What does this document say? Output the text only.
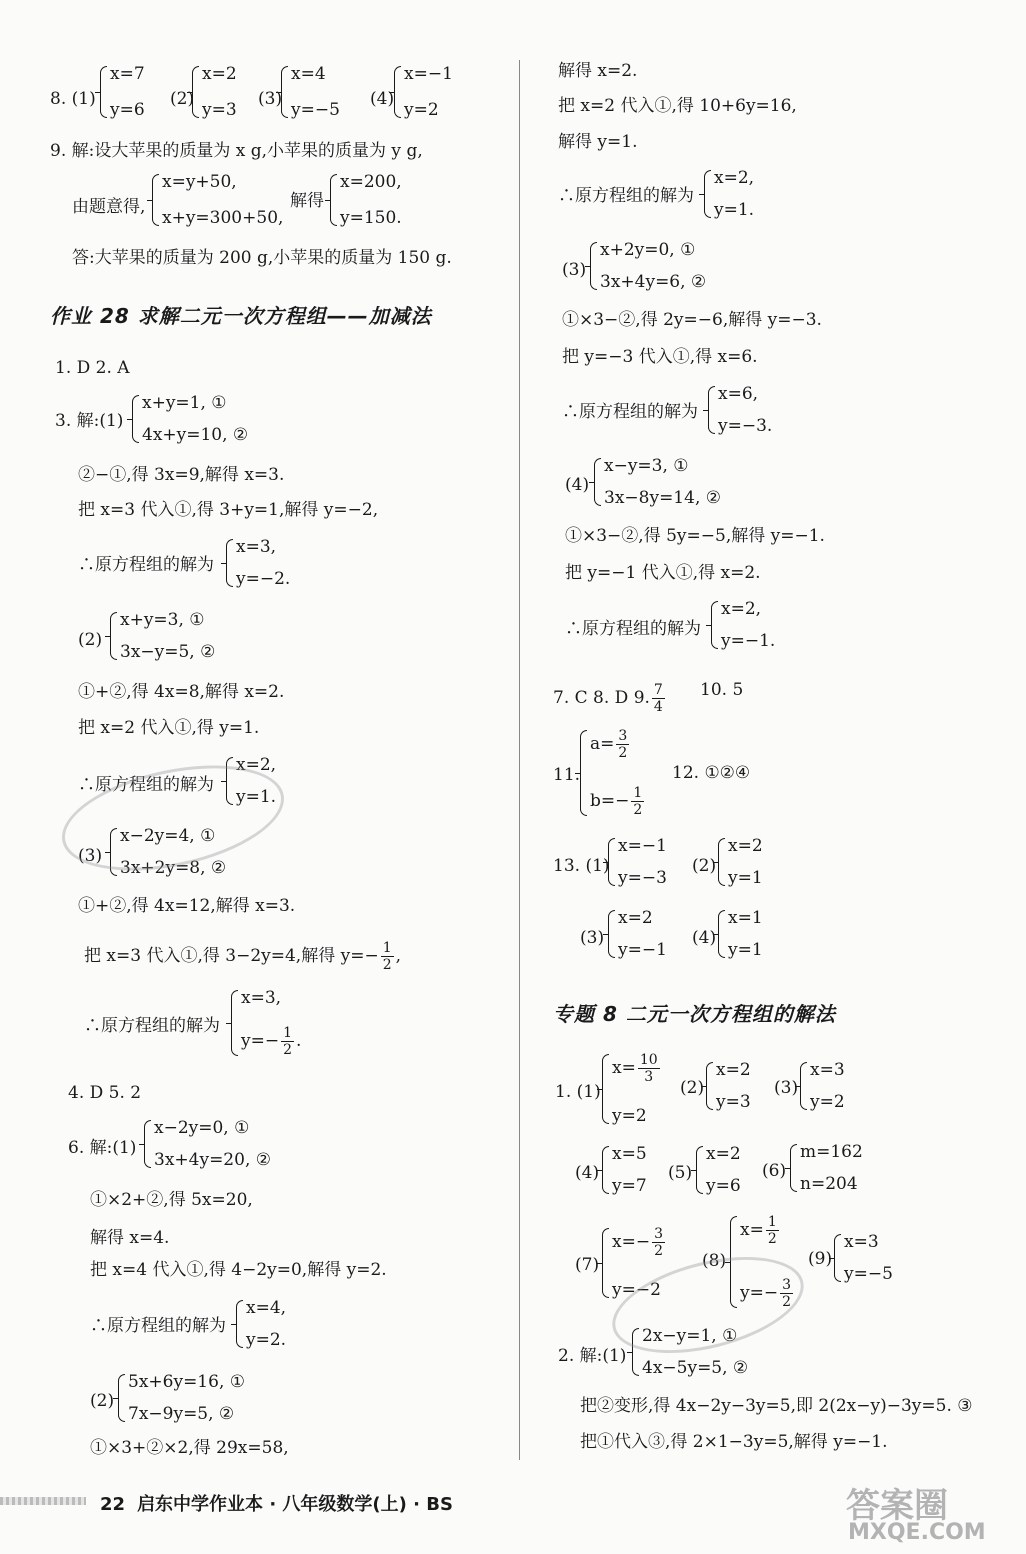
8. (1)
x=7
y=6
(2)
x=2
y=3
(3)
x=4
y=−5
(4)
x=−1
y=2
9. 解:设大苹果的质量为 x g,小苹果的质量为 y g,
由题意得,
x=y+50,
x+y=300+50,
解得
x=200,
y=150.
答:大苹果的质量为 200 g,小苹果的质量为 150 g.
作业 28 求解二元一次方程组——加减法
1. D 2. A
3. 解:(1)
x+y=1, ①
4x+y=10, ②
②−①,得 3x=9,解得 x=3.
把 x=3 代入①,得 3+y=1,解得 y=−2,
∴原方程组的解为
x=3,
y=−2.
(2)
x+y=3, ①
3x−y=5, ②
①+②,得 4x=8,解得 x=2.
把 x=2 代入①,得 y=1.
∴原方程组的解为
x=2,
y=1.
(3)
x−2y=4, ①
3x+2y=8, ②
①+②,得 4x=12,解得 x=3.
把 x=3 代入①,得 3−2y=4,解得 $y=- \frac{1}{2}$ ,
∴原方程组的解为
x=3,
$y=- \frac{1}{2}$ .
4. D 5. 2
6. 解:(1)
x−2y=0, ①
3x+4y=20, ②
①×2+②,得 5x=20,
解得 x=4.
把 x=4 代入①,得 4−2y=0,解得 y=2.
∴原方程组的解为
x=4,
y=2.
(2)
5x+6y=16, ①
7x−9y=5, ②
①×3+②×2,得 29x=58,
解得 x=2.
把 x=2 代入①,得 10+6y=16,
解得 y=1.
∴原方程组的解为
x=2,
y=1.
(3)
x+2y=0, ①
3x+4y=6, ②
①×3−②,得 2y=−6,解得 y=−3.
把 y=−3 代入①,得 x=6.
∴原方程组的解为
x=6,
y=−3.
(4)
x−y=3, ①
3x−8y=14, ②
①×3−②,得 5y=−5,解得 y=−1.
把 y=−1 代入①,得 x=2.
∴原方程组的解为
x=2,
y=−1.
7. C 8. D 9. $\frac{7}{4} 10$. 5
11.
$a= \frac{3}{2}$
$b=- \frac{1}{2}$
12. ①②④
13. (1)
x=−1
y=−3
(2)
x=2
y=1
(3)
x=2
y=−1
(4)
x=1
y=1
专题 8 二元一次方程组的解法
1. (1)
$x= \frac{10}{3}$
y=2
(2)
x=2
y=3
(3)
x=3
y=2
(4)
x=5
y=7
(5)
x=2
y=6
(6)
m=162
n=204
(7)
$x=- \frac{3}{2}$
y=−2
(8)
$x= \frac{1}{2}$
$y=- \frac{3}{2}$
(9)
x=3
y=−5
2. 解:(1)
2x−y=1, ①
4x−5y=5, ②
把②变形,得 4x−2y−3y=5,即 2(2x−y)−3y=5. ③
把①代入③,得 2×1−3y=5,解得 y=−1.
22 启东中学作业本 · 八年级数学(上) · BS	答案圈
MXQE.COM
